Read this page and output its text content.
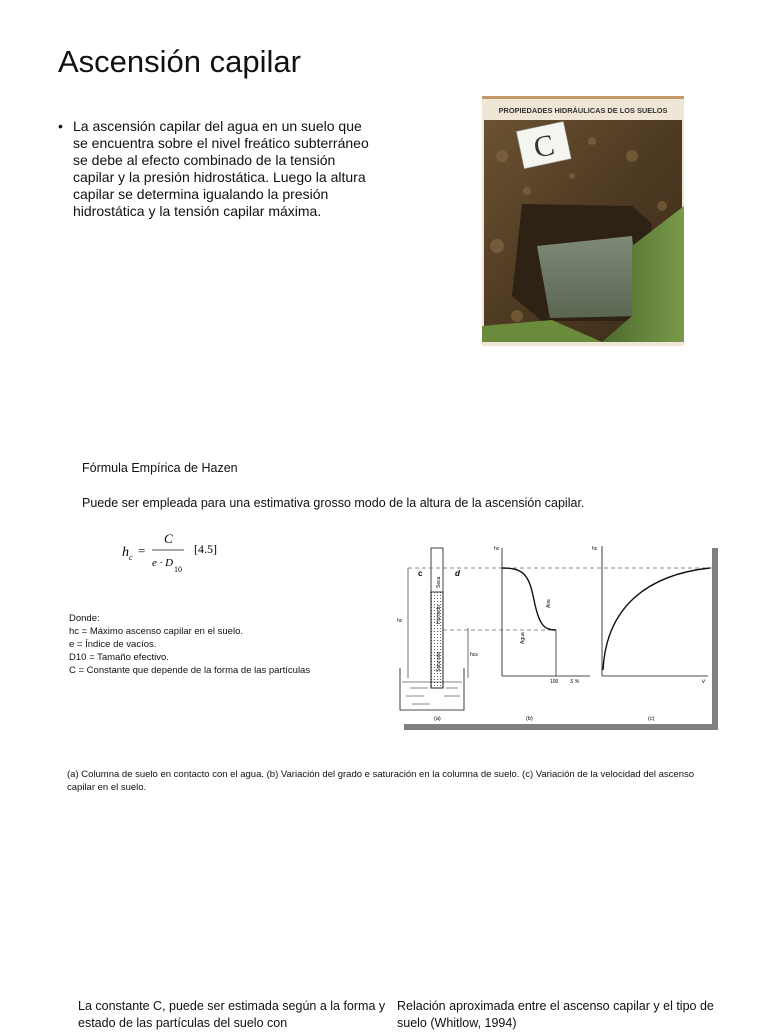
Ascensión capilar
• La ascensión capilar del agua en un suelo que se encuentra sobre el nivel freático subterráneo se debe al efecto combinado de la tensión capilar y la presión hidrostática. Luego la altura capilar se determina igualando la presión hidrostática y la tensión capilar máxima.
PROPIEDADES HIDRÁULICAS DE LOS SUELOS
C
Fórmula Empírica de Hazen
Puede ser empleada para una estimativa grosso modo de la altura de la ascensión capilar.
h c =
C
e · D
10
[4.5]
Donde:
hc = Máximo ascenso capilar en el suelo.
e = Índice de vacíos.
D10 = Tamaño efectivo.
C = Constante que depende de la forma de las partículas
Seca
Húmedo
Saturado
hc
hcs
c	d
(a)
hc
Aire
Agua
100 S %
(b)
hc
v
(c)
(a) Columna de suelo en contacto con el agua. (b) Variación del grado e saturación en la columna de suelo. (c) Variación de la velocidad del ascenso capilar en el suelo.
La constante C, puede ser estimada según a la forma y estado de las partículas del suelo con
Relación aproximada entre el ascenso capilar y el tipo de suelo (Whitlow, 1994)
